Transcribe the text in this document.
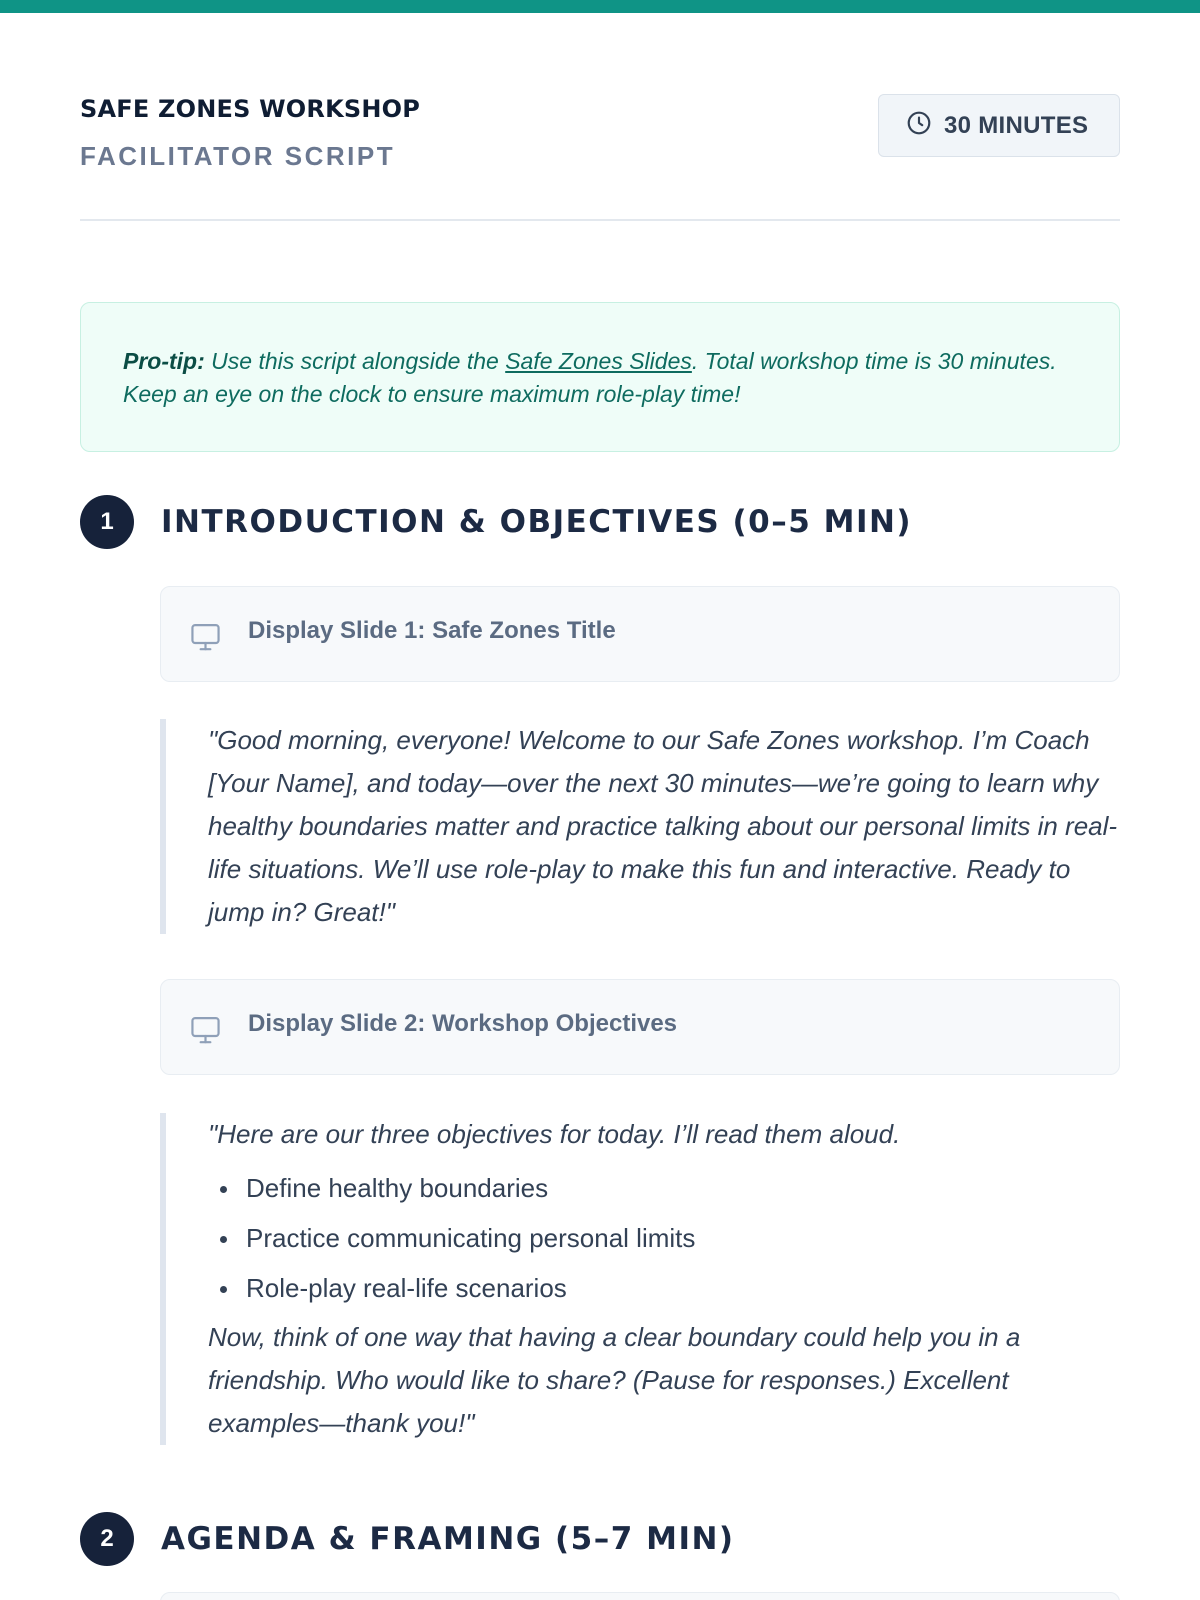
SAFE ZONES WORKSHOP
FACILITATOR SCRIPT
30 MINUTES

Pro-tip: Use this script alongside the Safe Zones Slides. Total workshop time is 30 minutes. Keep an eye on the clock to ensure maximum role-play time!

1	INTRODUCTION & OBJECTIVES (0–5 MIN)
Display Slide 1: Safe Zones Title

"Good morning, everyone! Welcome to our Safe Zones workshop. I’m Coach [Your Name], and today—over the next 30 minutes—we’re going to learn why healthy boundaries matter and practice talking about our personal limits in real-life situations. We’ll use role-play to make this fun and interactive. Ready to jump in? Great!"

Display Slide 2: Workshop Objectives

"Here are our three objectives for today. I’ll read them aloud.

Define healthy boundaries
Practice communicating personal limits
Role-play real-life scenarios

Now, think of one way that having a clear boundary could help you in a friendship. Who would like to share? (Pause for responses.) Excellent examples—thank you!"

2	AGENDA & FRAMING (5–7 MIN)
